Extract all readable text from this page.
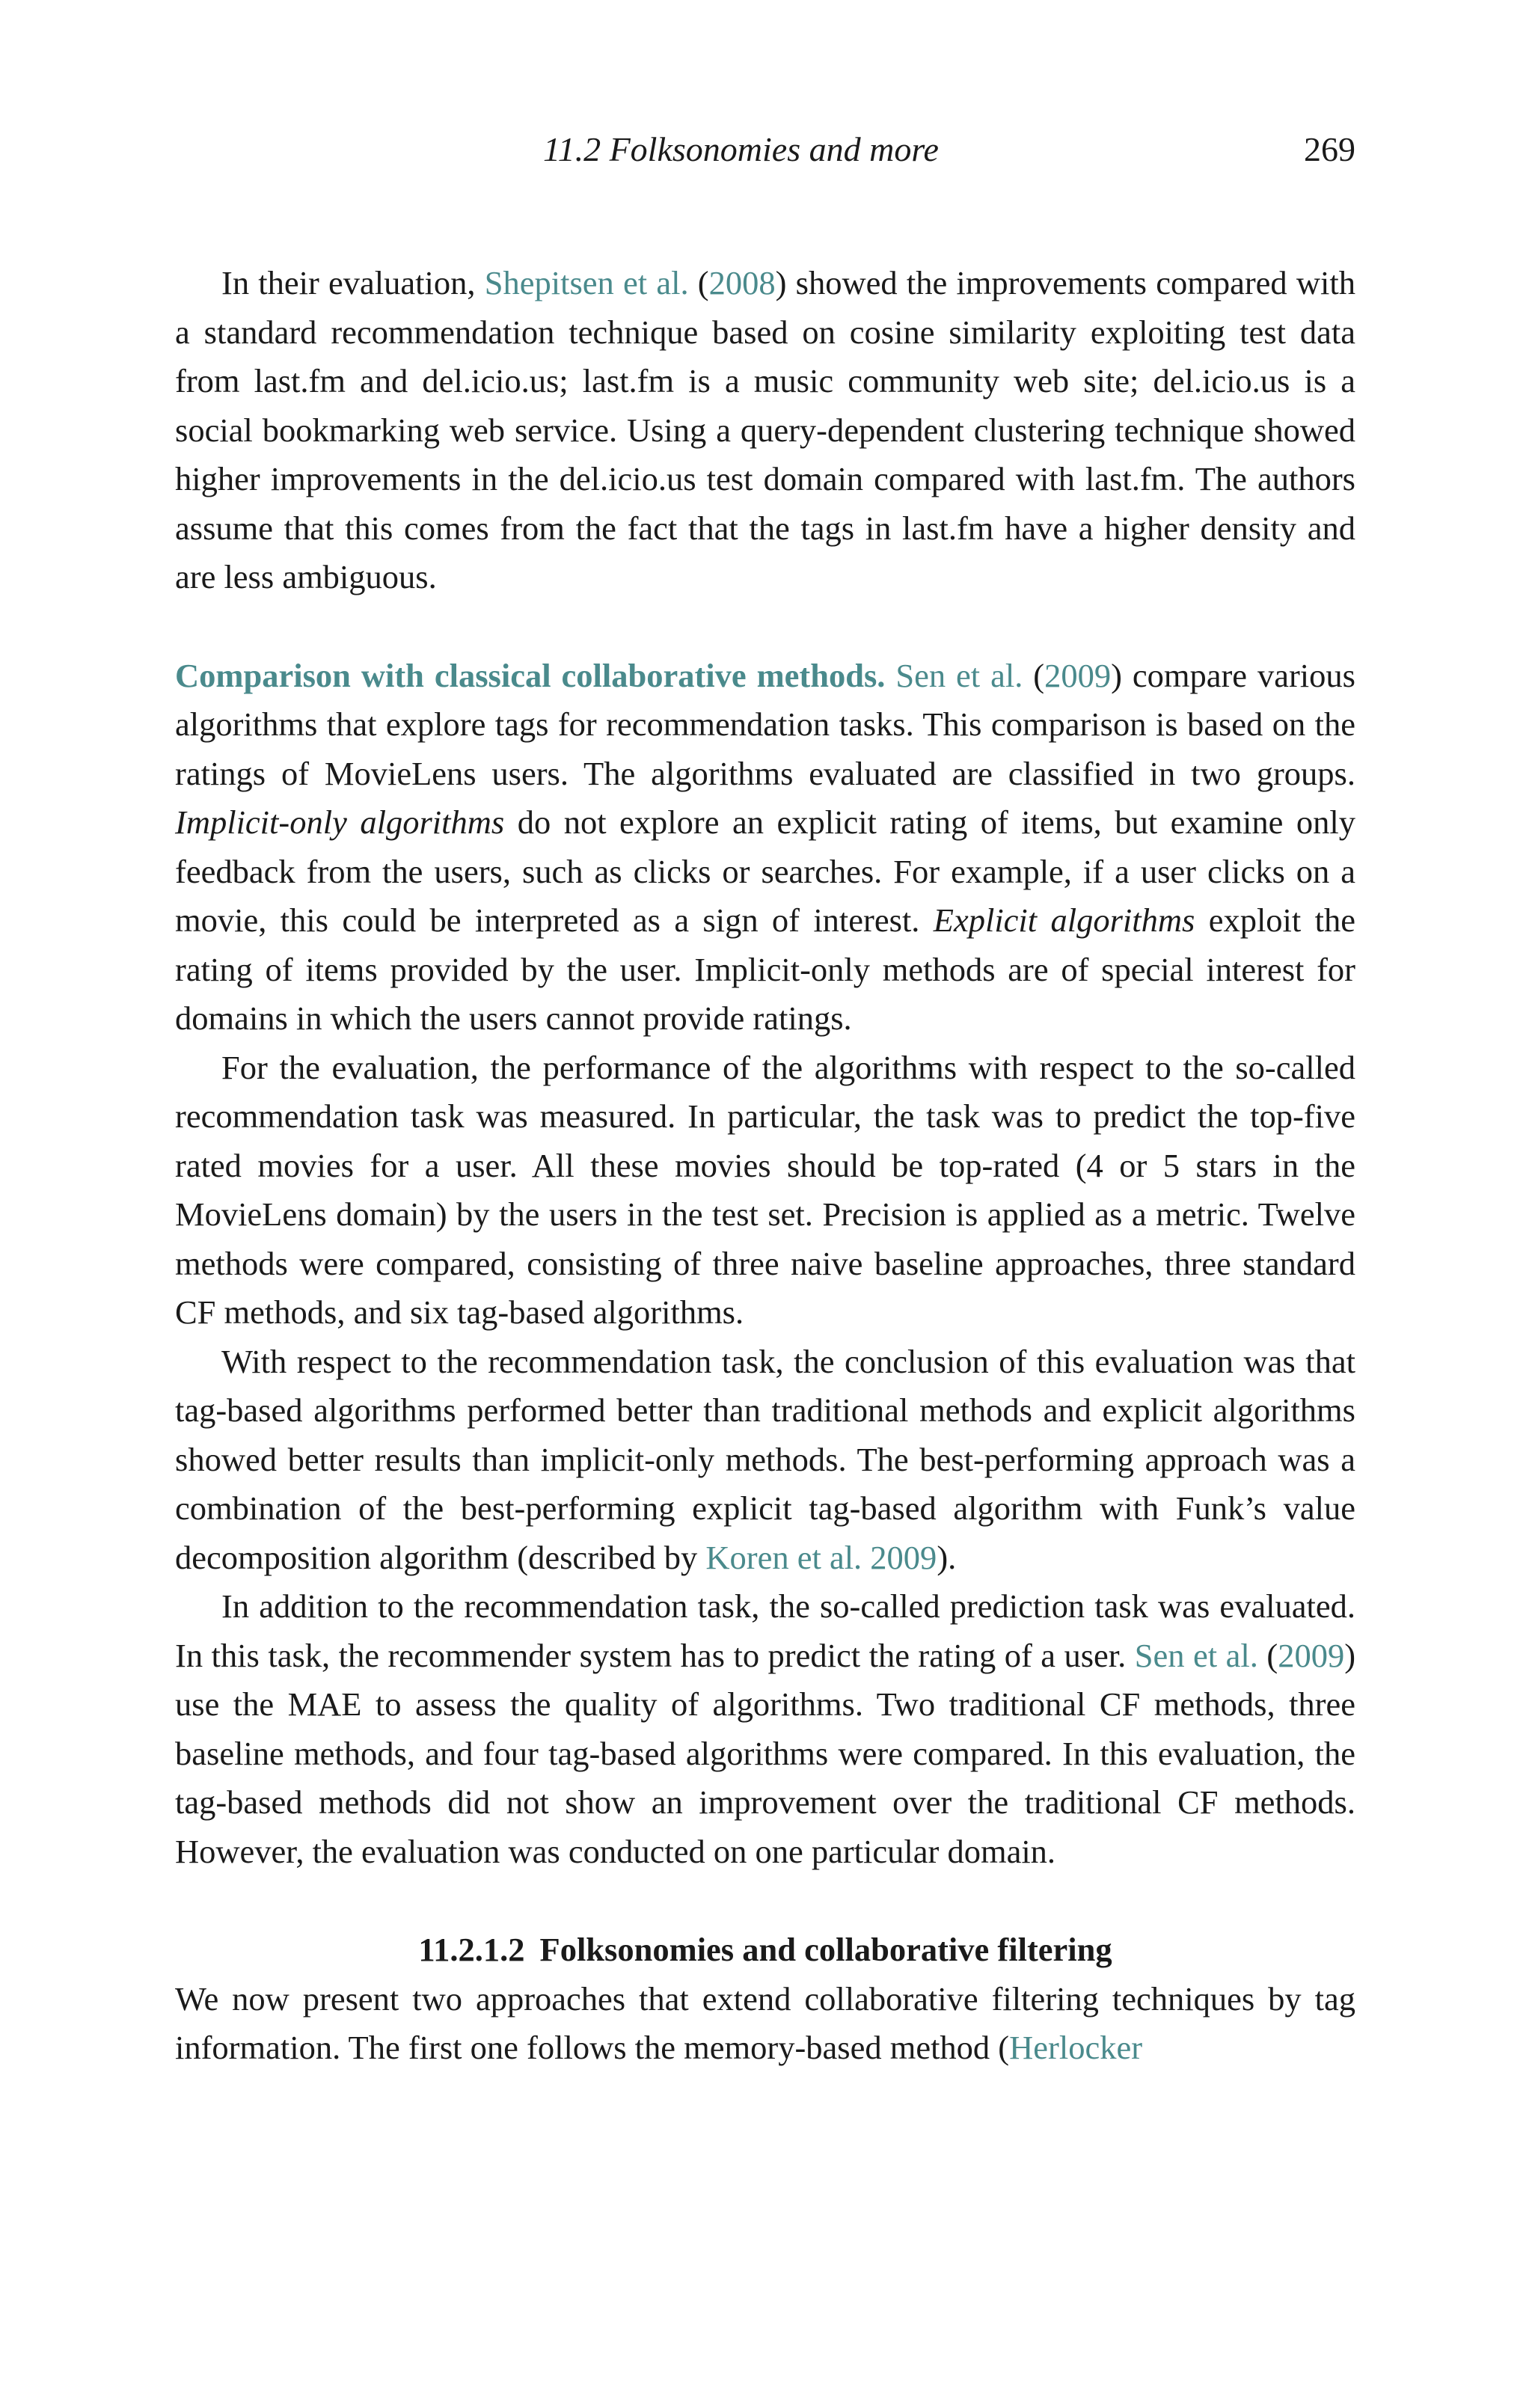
11.2 Folksonomies and more	269

In their evaluation, Shepitsen et al. (2008) showed the improvements compared with a standard recommendation technique based on cosine similarity exploiting test data from last.fm and del.icio.us; last.fm is a music community web site; del.icio.us is a social bookmarking web service. Using a query-dependent clustering technique showed higher improvements in the del.icio.us test domain compared with last.fm. The authors assume that this comes from the fact that the tags in last.fm have a higher density and are less ambiguous.

Comparison with classical collaborative methods. Sen et al. (2009) compare various algorithms that explore tags for recommendation tasks. This comparison is based on the ratings of MovieLens users. The algorithms evaluated are classified in two groups. Implicit-only algorithms do not explore an explicit rating of items, but examine only feedback from the users, such as clicks or searches. For example, if a user clicks on a movie, this could be interpreted as a sign of interest. Explicit algorithms exploit the rating of items provided by the user. Implicit-only methods are of special interest for domains in which the users cannot provide ratings.

For the evaluation, the performance of the algorithms with respect to the so-called recommendation task was measured. In particular, the task was to predict the top-five rated movies for a user. All these movies should be top-rated (4 or 5 stars in the MovieLens domain) by the users in the test set. Precision is applied as a metric. Twelve methods were compared, consisting of three naive baseline approaches, three standard CF methods, and six tag-based algorithms.

With respect to the recommendation task, the conclusion of this evaluation was that tag-based algorithms performed better than traditional methods and explicit algorithms showed better results than implicit-only methods. The best-performing approach was a combination of the best-performing explicit tag-based algorithm with Funk’s value decomposition algorithm (described by Koren et al. 2009).

In addition to the recommendation task, the so-called prediction task was evaluated. In this task, the recommender system has to predict the rating of a user. Sen et al. (2009) use the MAE to assess the quality of algorithms. Two traditional CF methods, three baseline methods, and four tag-based algorithms were compared. In this evaluation, the tag-based methods did not show an improvement over the traditional CF methods. However, the evaluation was conducted on one particular domain.

11.2.1.2 Folksonomies and collaborative filtering

We now present two approaches that extend collaborative filtering techniques by tag information. The first one follows the memory-based method (Herlocker
